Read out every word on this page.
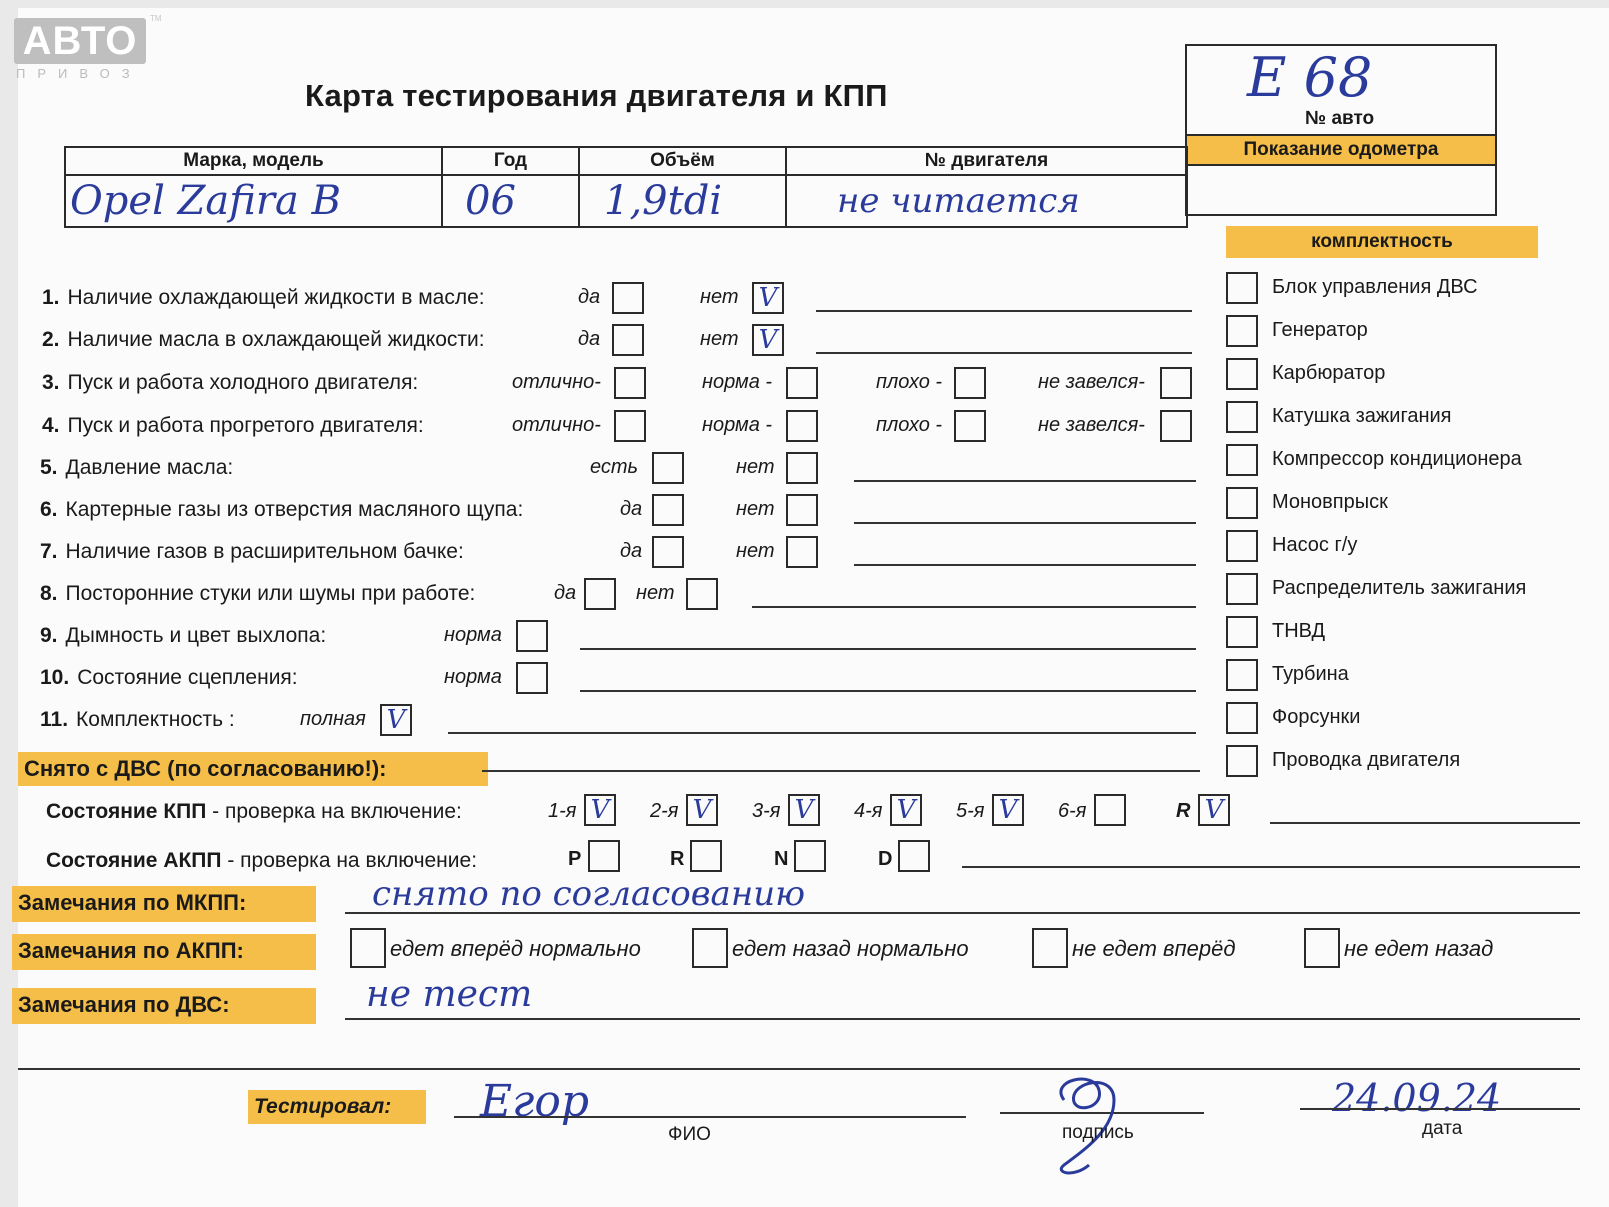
АВТО
ПРИВОЗ
TM
Карта тестирования двигателя и КПП	E 68
№ авто
Показание одометра
Марка, модель	Год	Объём	№ двигателя
Opel Zafira B	06	1,9tdi	не читается
комплектность
Блок управления ДВС
Генератор
Карбюратор
Катушка зажигания
Компрессор кондиционера
Моновпрыск
Насос г/у
Распределитель зажигания
ТНВД
Турбина
Форсунки
Проводка двигателя
1. Наличие охлаждающей жидкости в масле:	да	нет V
2. Наличие масла в охлаждающей жидкости:	да	нет V
3. Пуск и работа холодного двигателя:	отлично-	норма -	плохо -	не завелся-
4. Пуск и работа прогретого двигателя:	отлично-	норма -	плохо -	не завелся-
5. Давление масла:	есть	нет
6. Картерные газы из отверстия масляного щупа:	да	нет
7. Наличие газов в расширительном бачке:	да	нет
8. Посторонние стуки или шумы при работе:	да	нет
9. Дымность и цвет выхлопа:	норма
10. Состояние сцепления:	норма
11. Комплектность :	полная V
Снято с ДВС (по согласованию!):
Состояние КПП - проверка на включение:	1-я V 2-я V 3-я V 4-я V 5-я V 6-я	R V
Состояние АКПП - проверка на включение:	P	R	N	D
Замечания по МКПП:	снято по согласованию
Замечания по АКПП:	едет вперёд нормально	едет назад нормально	не едет вперёд	не едет назад
Замечания по ДВС:	не тест
Тестировал:	Егор
ФИО	подпись
24.09.24
дата
